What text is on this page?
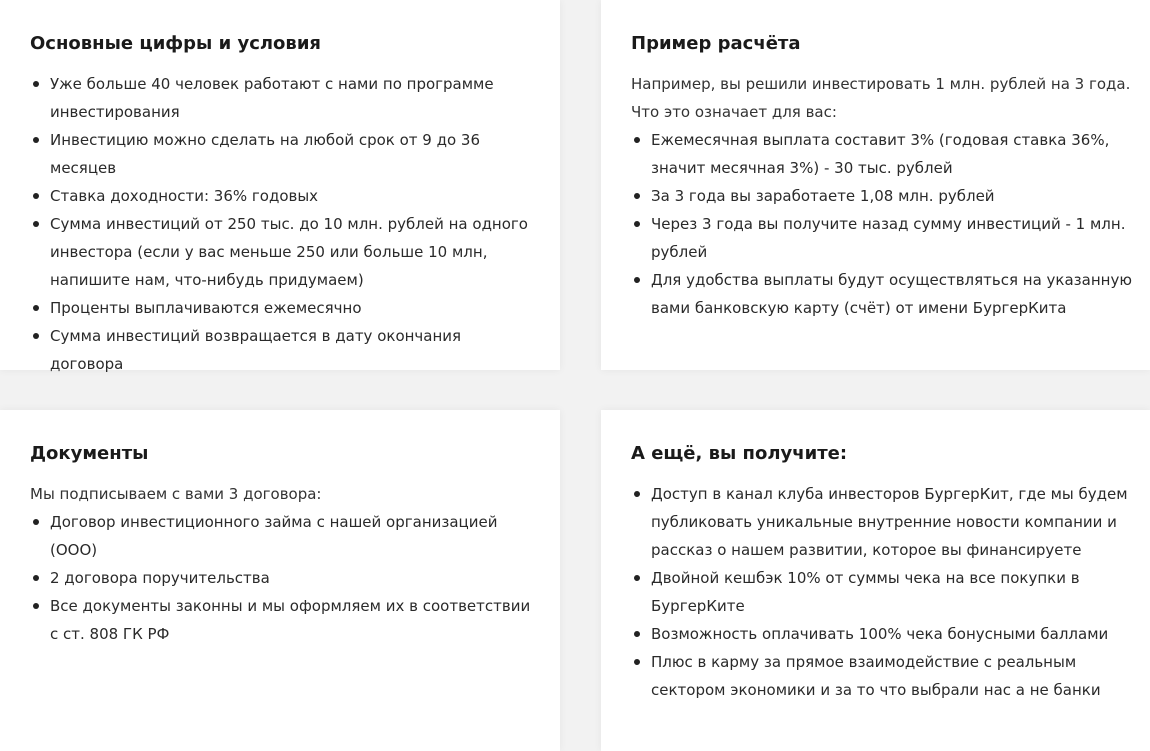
Основные цифры и условия
Уже больше 40 человек работают с нами по программе инвестирования
Инвестицию можно сделать на любой срок от 9 до 36 месяцев
Ставка доходности: 36% годовых
Сумма инвестиций от 250 тыс. до 10 млн. рублей на одного инвестора (если у вас меньше 250 или больше 10 млн, напишите нам, что-нибудь придумаем)
Проценты выплачиваются ежемесячно
Сумма инвестиций возвращается в дату окончания договора
Пример расчёта

Например, вы решили инвестировать 1 млн. рублей на 3 года. Что это означает для вас:

Ежемесячная выплата составит 3% (годовая ставка 36%, значит месячная 3%) - 30 тыс. рублей
За 3 года вы заработаете 1,08 млн. рублей
Через 3 года вы получите назад сумму инвестиций - 1 млн. рублей
Для удобства выплаты будут осуществляться на указанную вами банковскую карту (счёт) от имени БургерКита
Документы

Мы подписываем с вами 3 договора:

Договор инвестиционного займа с нашей организацией (ООО)
2 договора поручительства
Все документы законны и мы оформляем их в соответствии с ст. 808 ГК РФ
А ещё, вы получите:
Доступ в канал клуба инвесторов БургерКит, где мы будем публиковать уникальные внутренние новости компании и рассказ о нашем развитии, которое вы финансируете
Двойной кешбэк 10% от суммы чека на все покупки в БургерКите
Возможность оплачивать 100% чека бонусными баллами
Плюс в карму за прямое взаимодействие с реальным сектором экономики и за то что выбрали нас а не банки
